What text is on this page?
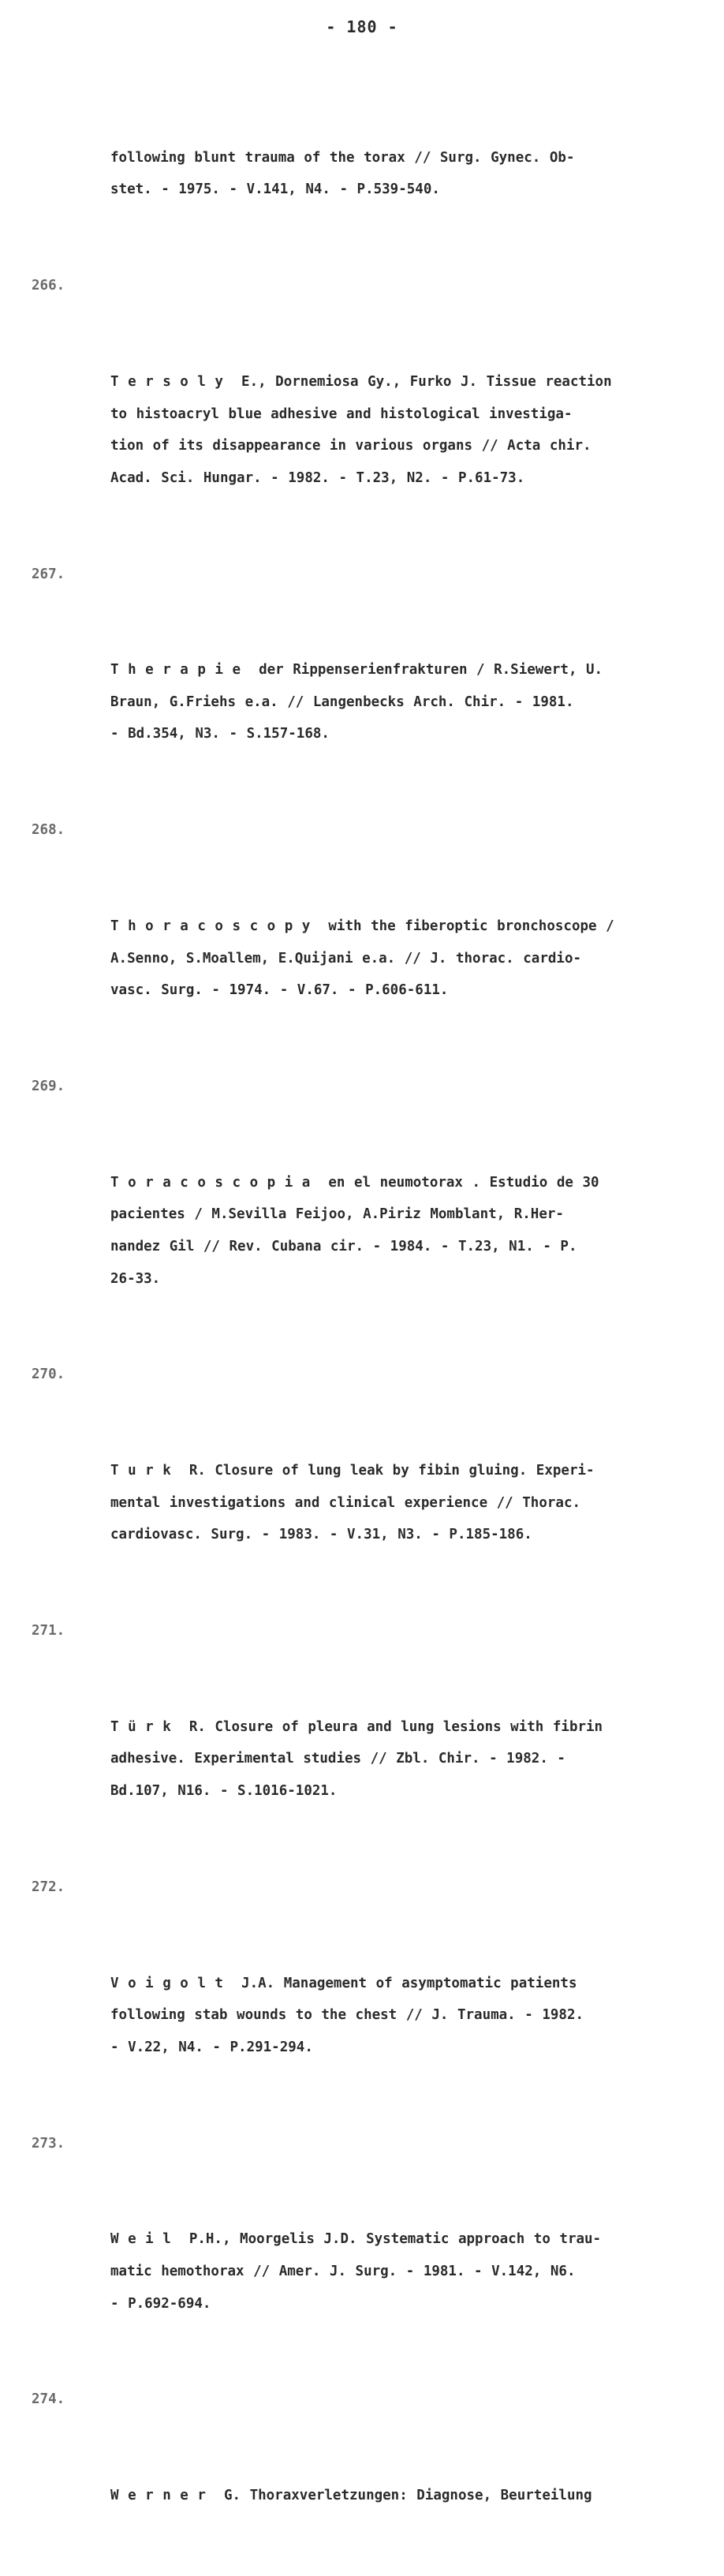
- 180 -

following blunt trauma of the torax // Surg. Gynec. Ob-
stet. - 1975. - V.141, N4. - P.539-540.

266.

T e r s o l y  E., Dornemiosa Gy., Furko J. Tissue reaction
to histoacryl blue adhesive and histological investiga-
tion of its disappearance in various organs // Acta chir.
Acad. Sci. Hungar. - 1982. - T.23, N2. - P.61-73.

267.

T h e r a p i e  der Rippenserienfrakturen / R.Siewert, U.
Braun, G.Friehs e.a. // Langenbecks Arch. Chir. - 1981.
- Bd.354, N3. - S.157-168.

268.

T h o r a c o s c o p y  with the fiberoptic bronchoscope /
A.Senno, S.Moallem, E.Quijani e.a. // J. thorac. cardio-
vasc. Surg. - 1974. - V.67. - P.606-611.

269.

T o r a c o s c o p i a  en el neumotorax . Estudio de 30
pacientes / M.Sevilla Feijoo, A.Piriz Momblant, R.Her-
nandez Gil // Rev. Cubana cir. - 1984. - T.23, N1. - P.
26-33.

270.

T u r k  R. Closure of lung leak by fibin gluing. Experi-
mental investigations and clinical experience // Thorac.
cardiovasc. Surg. - 1983. - V.31, N3. - P.185-186.

271.

T ü r k  R. Closure of pleura and lung lesions with fibrin
adhesive. Experimental studies // Zbl. Chir. - 1982. -
Bd.107, N16. - S.1016-1021.

272.

V o i g o l t  J.A. Management of asymptomatic patients
following stab wounds to the chest // J. Trauma. - 1982.
- V.22, N4. - P.291-294.

273.

W e i l  P.H., Moorgelis J.D. Systematic approach to trau-
matic hemothorax // Amer. J. Surg. - 1981. - V.142, N6.
- P.692-694.

274.

W e r n e r  G. Thoraxverletzungen: Diagnose, Beurteilung
